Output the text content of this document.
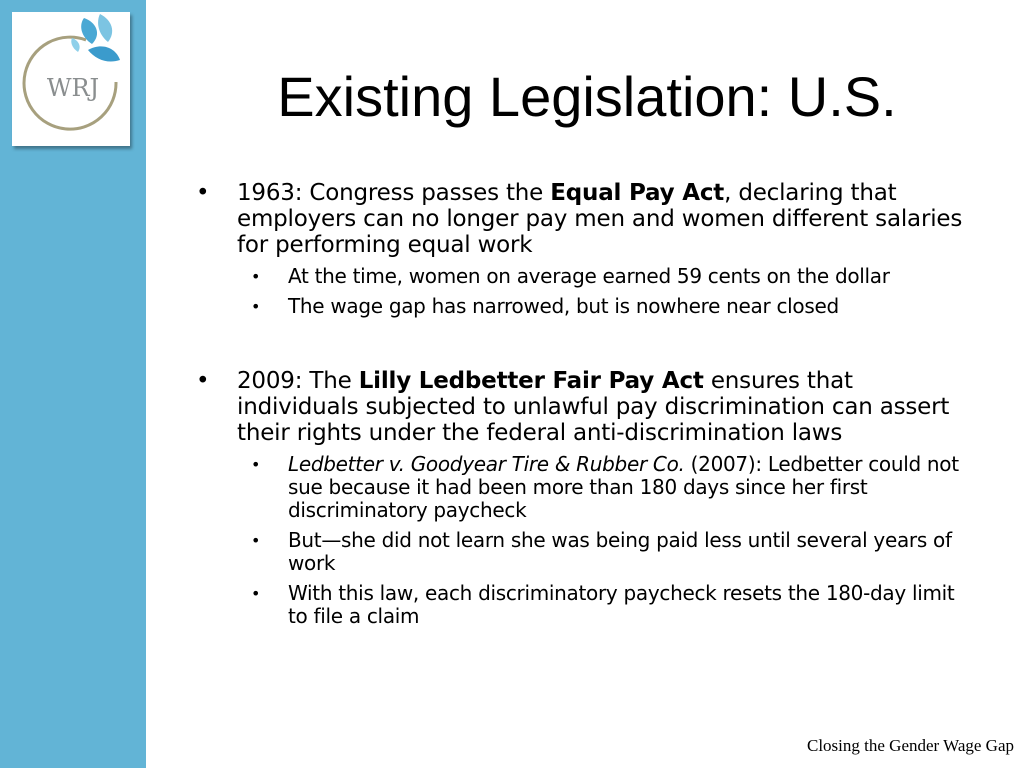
WRJ	Existing Legislation: U.S.
• 1963: Congress passes the Equal Pay Act, declaring that employers can no longer pay men and women different salaries for performing equal work
• At the time, women on average earned 59 cents on the dollar
• The wage gap has narrowed, but is nowhere near closed
• 2009: The Lilly Ledbetter Fair Pay Act ensures that individuals subjected to unlawful pay discrimination can assert their rights under the federal anti-discrimination laws
• Ledbetter v. Goodyear Tire & Rubber Co. (2007): Ledbetter could not sue because it had been more than 180 days since her first discriminatory paycheck
• But—she did not learn she was being paid less until several years of work
• With this law, each discriminatory paycheck resets the 180-day limit to file a claim
Closing the Gender Wage Gap
